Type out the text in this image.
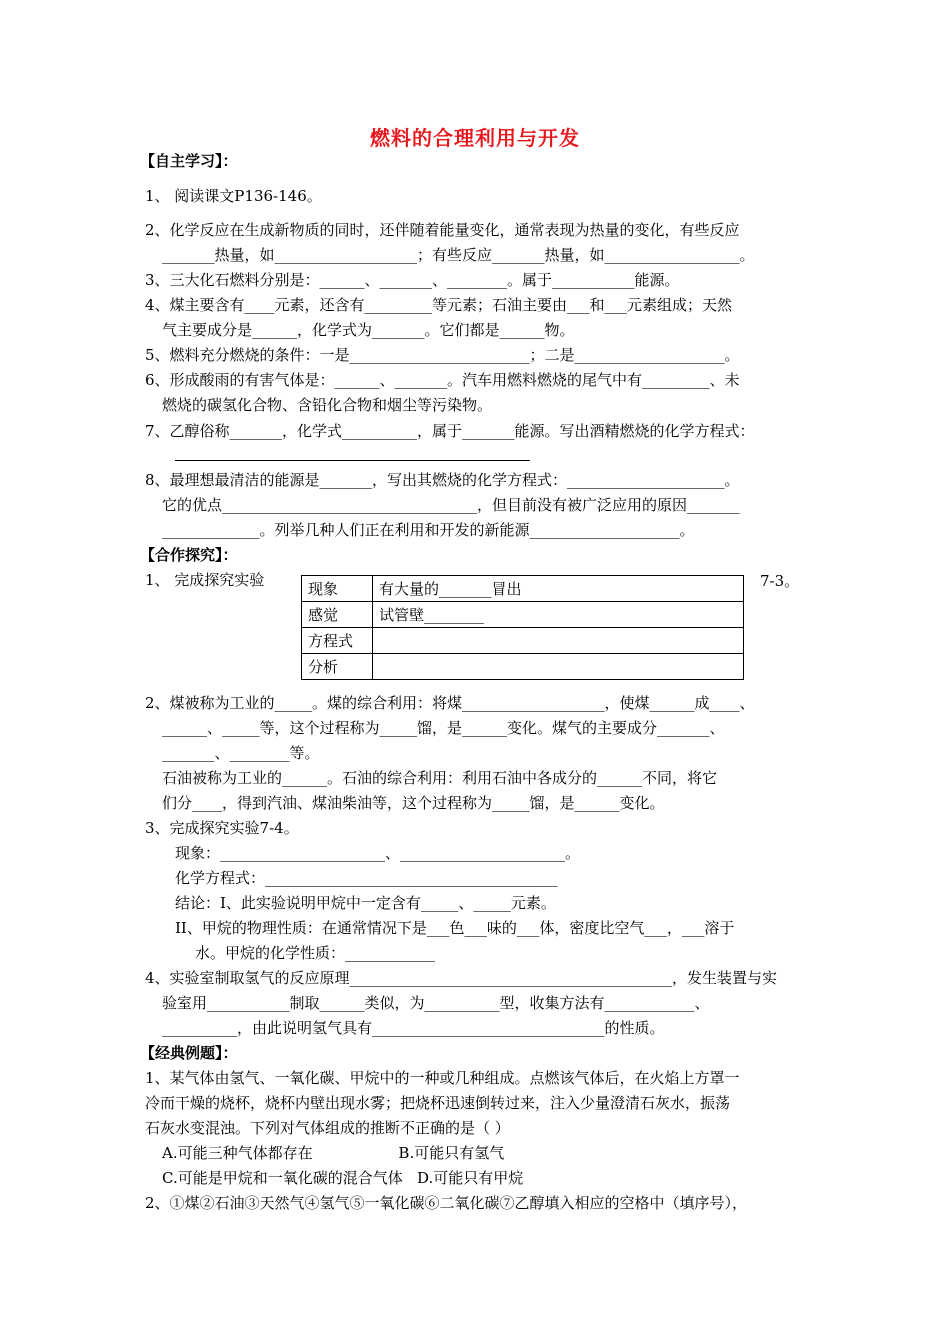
燃料的合理利用与开发
【自主学习】：
1、 阅读课文P136-146。
2、化学反应在生成新物质的同时，还伴随着能量变化，通常表现为热量的变化，有些反应
_______热量，如___________________；有些反应_______热量，如__________________。
3、三大化石燃料分别是：______、_______、________。属于___________能源。
4、煤主要含有____元素，还含有_________等元素；石油主要由___和___元素组成；天然
气主要成分是______，化学式为_______。它们都是______物。
5、燃料充分燃烧的条件：一是________________________；二是____________________。
6、形成酸雨的有害气体是：______、_______。汽车用燃料燃烧的尾气中有_________、未
燃烧的碳氢化合物、含铅化合物和烟尘等污染物。
7、乙醇俗称_______，化学式__________，属于_______能源。写出酒精燃烧的化学方程式：
8、最理想最清洁的能源是_______，写出其燃烧的化学方程式：_____________________。
它的优点__________________________________，但目前没有被广泛应用的原因_______
_____________。列举几种人们正在利用和开发的新能源____________________。
【合作探究】：
1、 完成探究实验	7-3。
现象	有大量的_______冒出
感觉	试管壁________
方程式	
分析	
2、煤被称为工业的_____。煤的综合利用：将煤___________________，使煤______成____、
______、_____等，这个过程称为_____馏，是______变化。煤气的主要成分_______、
_______、________等。
石油被称为工业的______。石油的综合利用：利用石油中各成分的______不同，将它
们分____，得到汽油、煤油柴油等，这个过程称为_____馏，是______变化。
3、完成探究实验7-4。
现象：______________________、______________________。
化学方程式：_______________________________________
结论：I、此实验说明甲烷中一定含有_____、_____元素。
II、甲烷的物理性质：在通常情况下是___色___味的___体，密度比空气___，___溶于
水。甲烷的化学性质：____________
4、实验室制取氢气的反应原理___________________________________________，发生装置与实
验室用___________制取______类似，为__________型，收集方法有____________、
__________，由此说明氢气具有_______________________________的性质。
【经典例题】：
1、某气体由氢气、一氧化碳、甲烷中的一种或几种组成。点燃该气体后，在火焰上方罩一
冷而干燥的烧杯，烧杯内壁出现水雾；把烧杯迅速倒转过来，注入少量澄清石灰水，振荡
石灰水变混浊。下列对气体组成的推断不正确的是（ ）
A.可能三种气体都存在                  B.可能只有氢气
C.可能是甲烷和一氧化碳的混合气体   D.可能只有甲烷
2、①煤②石油③天然气④氢气⑤一氧化碳⑥二氧化碳⑦乙醇填入相应的空格中（填序号），
